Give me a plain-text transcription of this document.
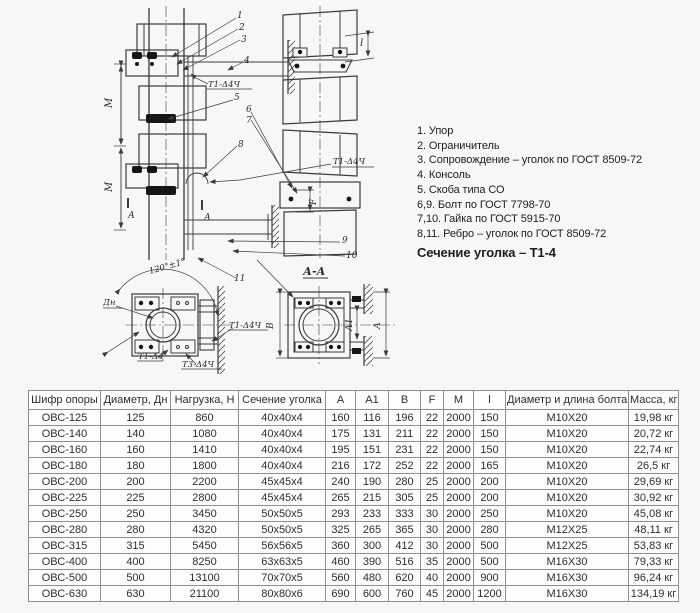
М
М
F
А	А
Т1-Δ4Ч
Т1-Δ4Ч
1
2
3
4
5
6
7
8
9
10
11
l
Дн
120°±1°
Т1-Δ4Ч
Т1-Δ4
Т3-Δ4Ч
А-А
В	А1 А
1. Упор
2. Ограничитель
3. Сопровождение – уголок по ГОСТ 8509-72
4. Консоль
5. Скоба типа СО
6,9. Болт по ГОСТ 7798-70
7,10. Гайка по ГОСТ 5915-70
8,11. Ребро – уголок по ГОСТ 8509-72
Сечение уголка – Т1-4
Шифр опоры	Диаметр, Дн	Нагрузка, Н	Сечение уголка	А	А1	В	F	М	l	Диаметр и длина болта	Масса, кг
ОВС-125	125	860	40х40х4	160	116	196	22	2000	150	М10Х20	19,98 кг
ОВС-140	140	1080	40х40х4	175	131	211	22	2000	150	М10Х20	20,72 кг
ОВС-160	160	1410	40х40х4	195	151	231	22	2000	150	М10Х20	22,74 кг
ОВС-180	180	1800	40х40х4	216	172	252	22	2000	165	М10Х20	26,5 кг
ОВС-200	200	2200	45х45х4	240	190	280	25	2000	200	М10Х20	29,69 кг
ОВС-225	225	2800	45х45х4	265	215	305	25	2000	200	М10Х20	30,92 кг
ОВС-250	250	3450	50х50х5	293	233	333	30	2000	250	М10Х20	45,08 кг
ОВС-280	280	4320	50х50х5	325	265	365	30	2000	280	М12Х25	48,11 кг
ОВС-315	315	5450	56х56х5	360	300	412	30	2000	500	М12Х25	53,83 кг
ОВС-400	400	8250	63х63х5	460	390	516	35	2000	500	М16Х30	79,33 кг
ОВС-500	500	13100	70х70х5	560	480	620	40	2000	900	М16Х30	96,24 кг
ОВС-630	630	21100	80х80х6	690	600	760	45	2000	1200	М16Х30	134,19 кг
